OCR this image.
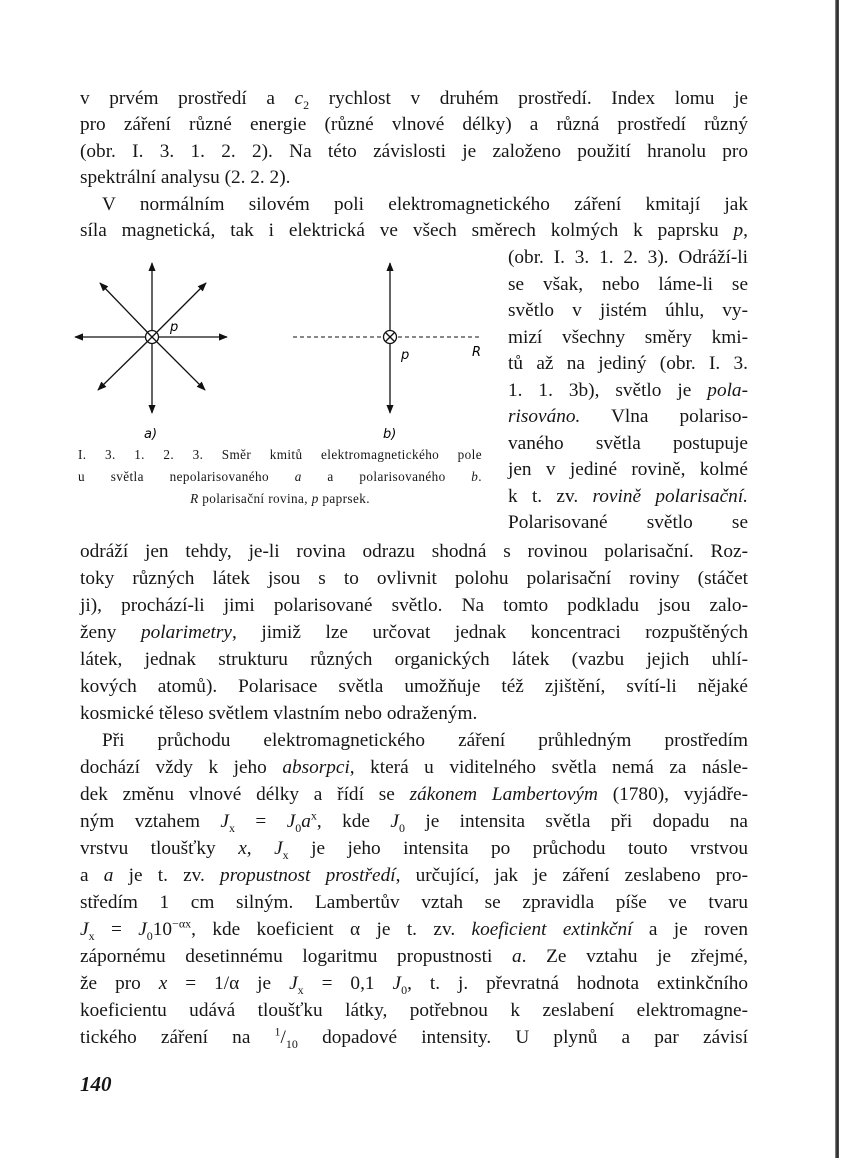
v prvém prostředí a $c_2$ rychlost v druhém prostředí. Index lomu je
pro záření různé energie (různé vlnové délky) a různá prostředí různý
(obr. I. 3. 1. 2. 2). Na této závislosti je založeno použití hranolu pro
spektrální analysu (2. 2. 2).
V normálním silovém poli elektromagnetického záření kmitají jak
síla magnetická, tak i elektrická ve všech směrech kolmých k paprsku p,
(obr. I. 3. 1. 2. 3). Odráží-li
se však, nebo láme-li se
světlo v jistém úhlu, vy-
mizí všechny směry kmi-
tů až na jediný (obr. I. 3.
1. 1. 3b), světlo je pola-
risováno. Vlna polariso-
vaného světla postupuje
jen v jediné rovině, kolmé
k t. zv. rovině polarisační.
Polarisované světlo se
odráží jen tehdy, je-li rovina odrazu shodná s rovinou polarisační. Roz-
toky různých látek jsou s to ovlivnit polohu polarisační roviny (stáčet
ji), prochází-li jimi polarisované světlo. Na tomto podkladu jsou zalo-
ženy polarimetry, jimiž lze určovat jednak koncentraci rozpuštěných
látek, jednak strukturu různých organických látek (vazbu jejich uhlí-
kových atomů). Polarisace světla umožňuje též zjištění, svítí-li nějaké
kosmické těleso světlem vlastním nebo odraženým.
Při průchodu elektromagnetického záření průhledným prostředím
dochází vždy k jeho absorpci, která u viditelného světla nemá za násle-
dek změnu vlnové délky a řídí se zákonem Lambertovým (1780), vyjádře-
ným vztahem $J_x = J_0a^x$, kde $J_0$ je intensita světla při dopadu na
vrstvu tloušťky x, $J_x$ je jeho intensita po průchodu touto vrstvou
a a je t. zv. propustnost prostředí, určující, jak je záření zeslabeno pro-
středím 1 cm silným. Lambertův vztah se zpravidla píše ve tvaru
$J_x = J_010^{-\alpha x}$, kde koeficient α je t. zv. koeficient extinkční a je roven
zápornému desetinnému logaritmu propustnosti a. Ze vztahu je zřejmé,
že pro x = 1/α je $J_x = 0,1$ $J_0$, t. j. převratná hodnota extinkčního
koeficientu udává tloušťku látky, potřebnou k zeslabení elektromagne-
tického záření na $^1/_{10}$ dopadové intensity. U plynů a par závisí
p
a)
p	R
b)
I. 3. 1. 2. 3. Směr kmitů elektromagnetického pole
u světla nepolarisovaného a a polarisovaného b.
R polarisační rovina, p paprsek.
140
